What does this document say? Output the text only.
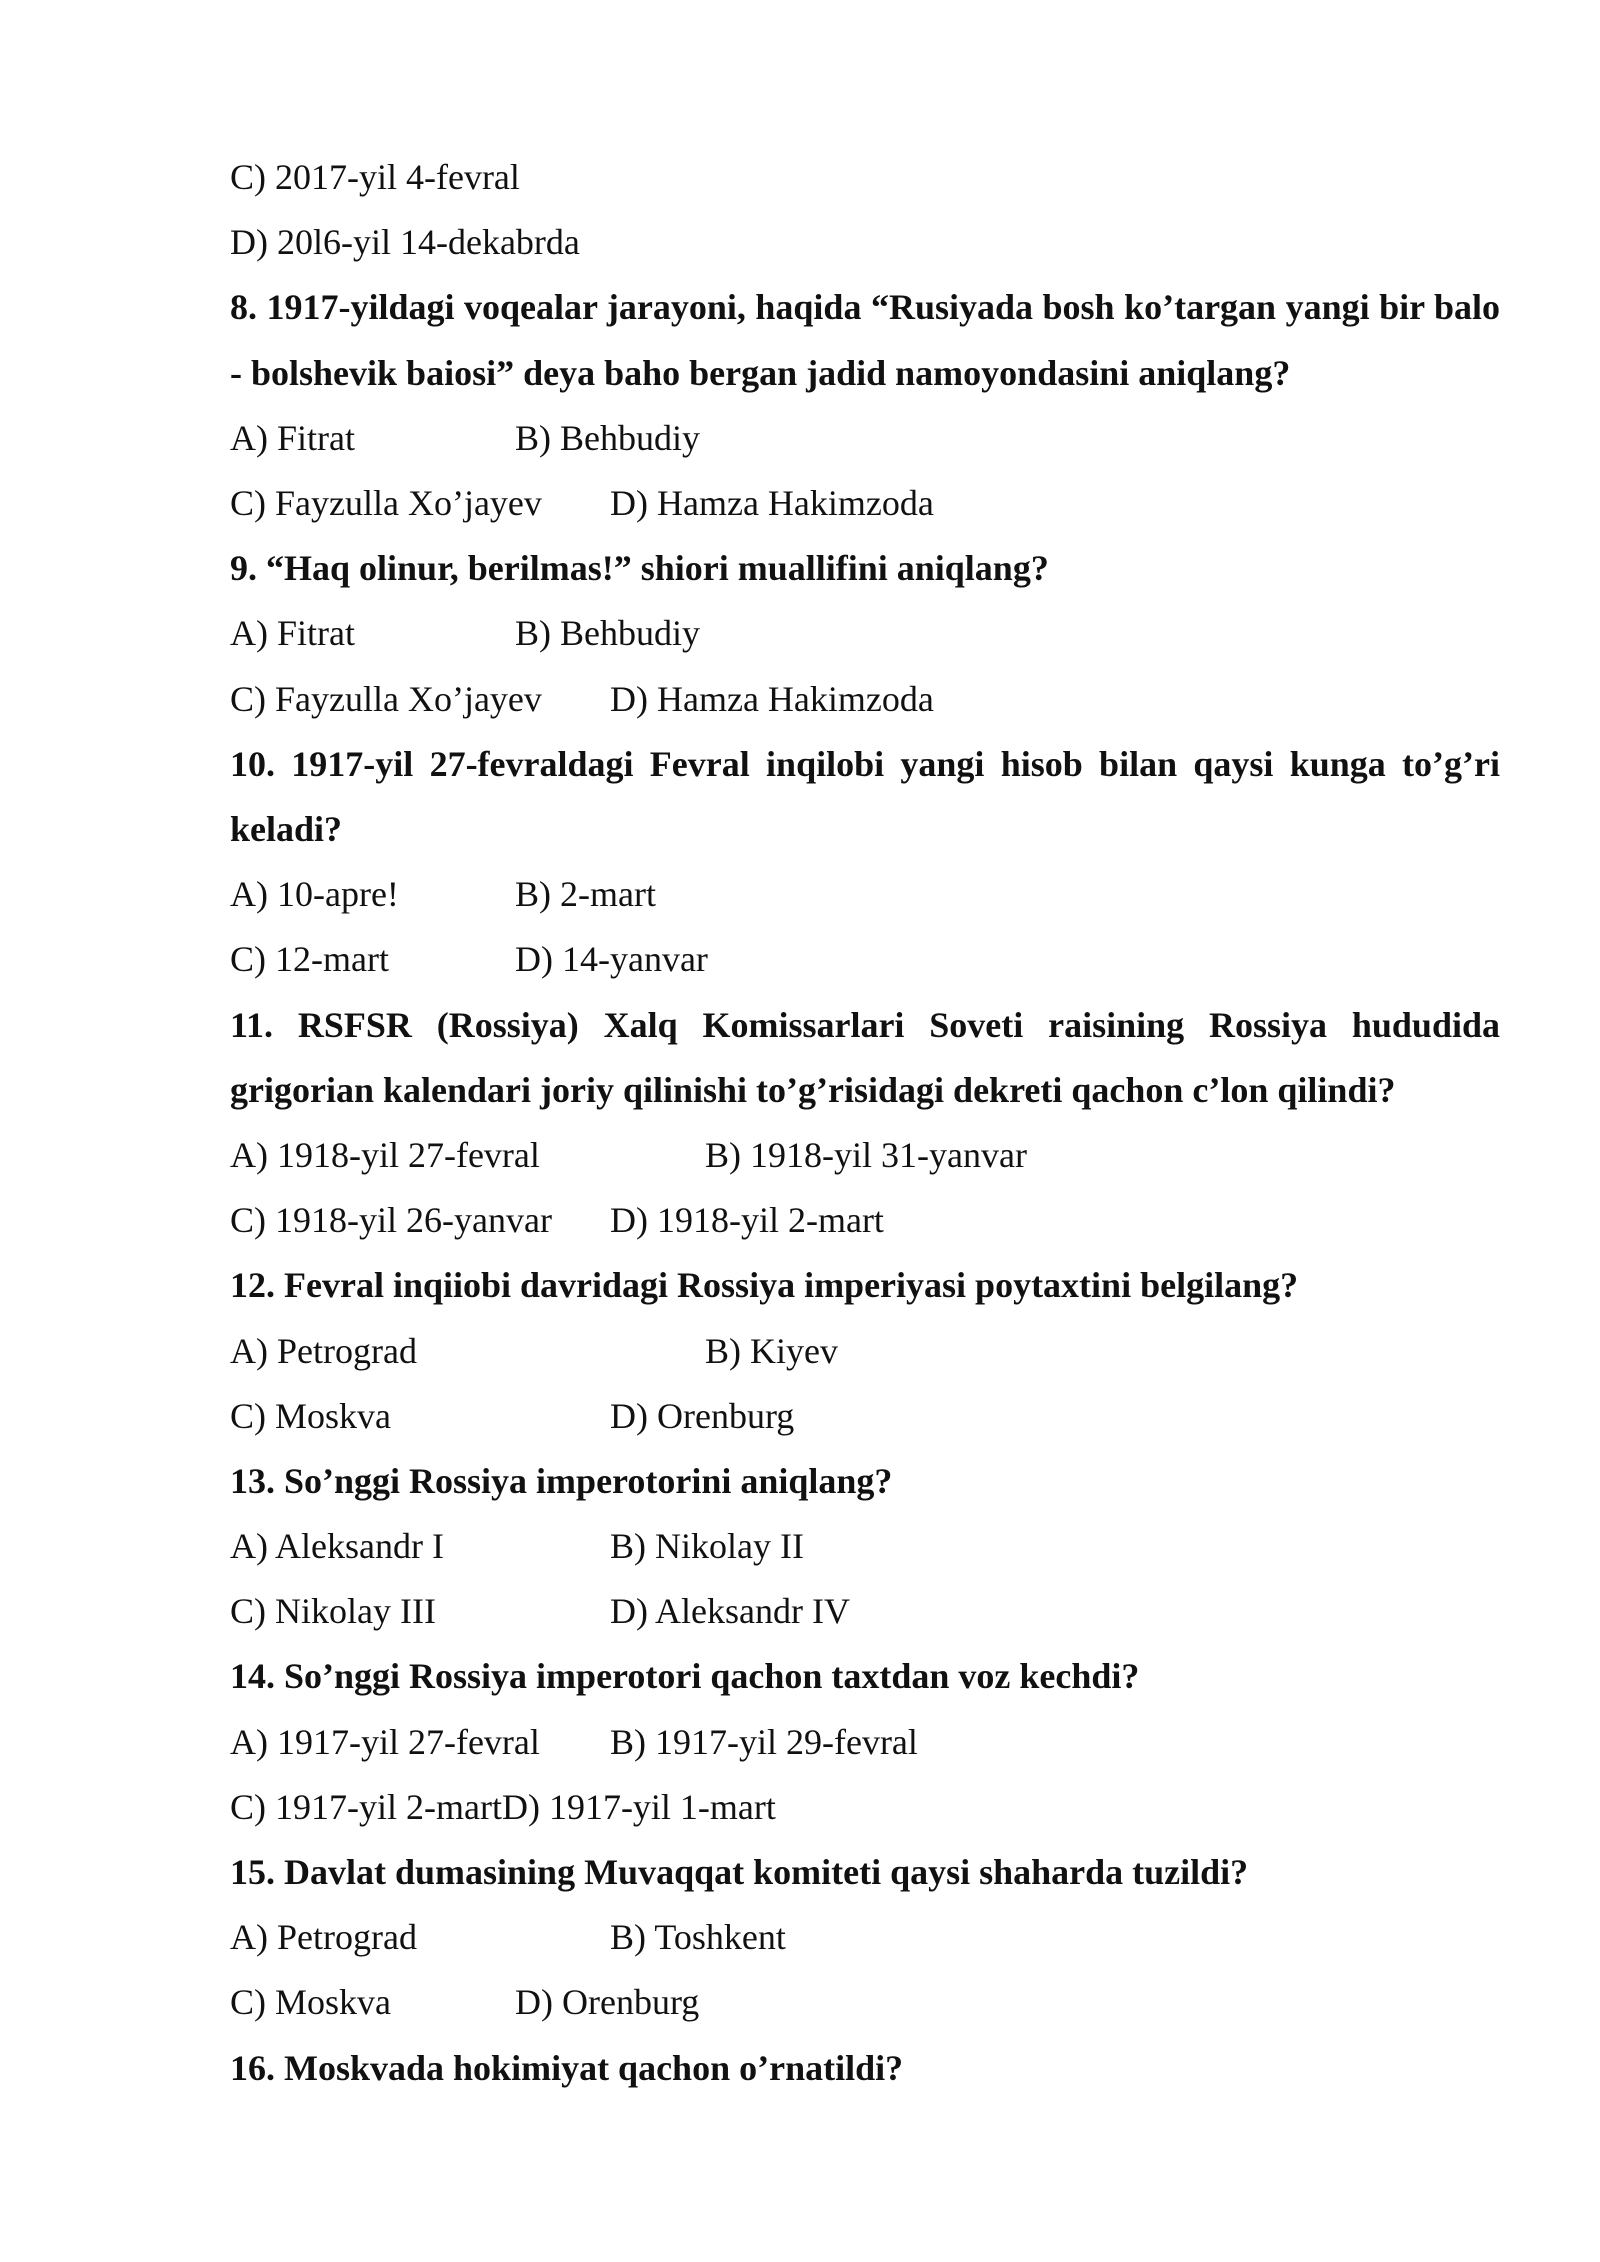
C) 2017-yil 4-fevral
D) 20l6-yil 14-dekabrda
8. 1917-yildagi voqealar jarayoni, haqida “Rusiyada bosh ko’targan yangi bir balo - bolshevik baiosi” deya baho bergan jadid namoyondasini aniqlang?
A) Fitrat	B) Behbudiy
C) Fayzulla Xo’jayev	D) Hamza Hakimzoda
9. “Haq olinur, berilmas!” shiori muallifini aniqlang?
A) Fitrat	B) Behbudiy
C) Fayzulla Xo’jayev	D) Hamza Hakimzoda
10. 1917-yil 27-fevraldagi Fevral inqilobi yangi hisob bilan qaysi kunga to’g’ri keladi?
A) 10-apre!	B) 2-mart
C) 12-mart	D) 14-yanvar
11. RSFSR (Rossiya) Xalq Komissarlari Soveti raisining Rossiya hududida grigorian kalendari joriy qilinishi to’g’risidagi dekreti qachon c’lon qilindi?
A) 1918-yil 27-fevral	B) 1918-yil 31-yanvar
C) 1918-yil 26-yanvar	D) 1918-yil 2-mart
12. Fevral inqiiobi davridagi Rossiya imperiyasi poytaxtini belgilang?
A) Petrograd	B) Kiyev
C) Moskva	D) Orenburg
13. So’nggi Rossiya imperotorini aniqlang?
A) Aleksandr I	B) Nikolay II
C) Nikolay III	D) Aleksandr IV
14. So’nggi Rossiya imperotori qachon taxtdan voz kechdi?
A) 1917-yil 27-fevral	B) 1917-yil 29-fevral
C) 1917-yil 2-martD) 1917-yil 1-mart
15. Davlat dumasining Muvaqqat komiteti qaysi shaharda tuzildi?
A) Petrograd	B) Toshkent
C) Moskva	D) Orenburg
16. Moskvada hokimiyat qachon o’rnatildi?
